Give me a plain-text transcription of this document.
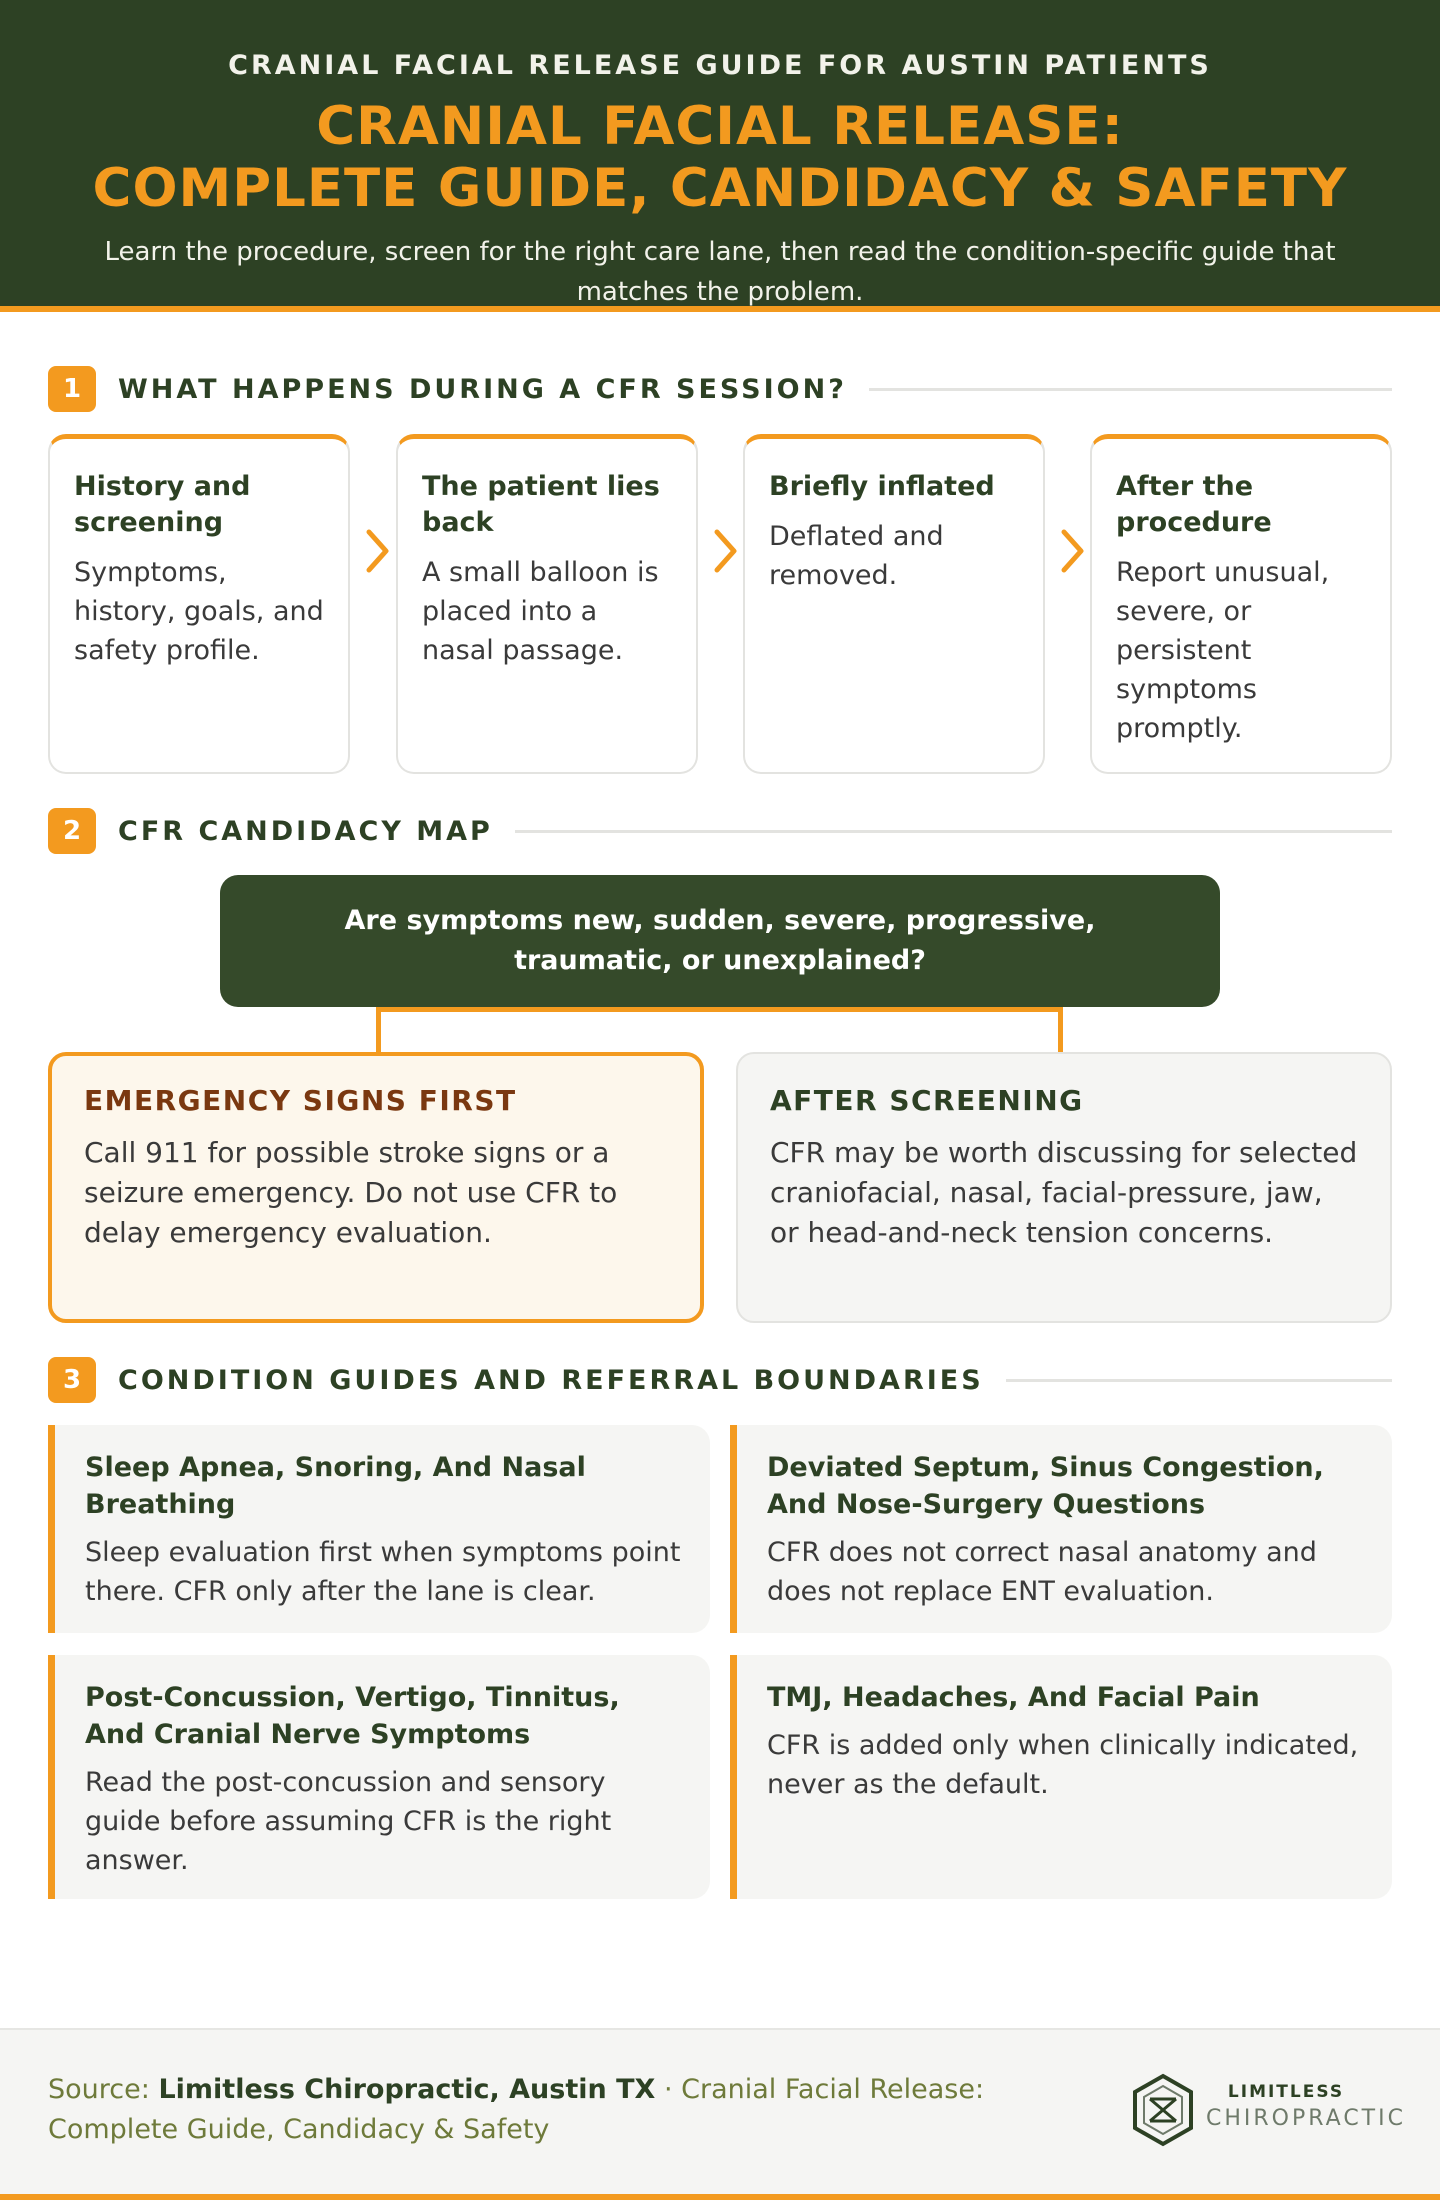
CRANIAL FACIAL RELEASE GUIDE FOR AUSTIN PATIENTS
CRANIAL FACIAL RELEASE:
COMPLETE GUIDE, CANDIDACY & SAFETY
Learn the procedure, screen for the right care lane, then read the condition-specific guide that matches the problem.
1	WHAT HAPPENS DURING A CFR SESSION?
History and screening

Symptoms, history, goals, and safety profile.

The patient lies back

A small balloon is placed into a nasal passage.

Briefly inflated

Deflated and removed.

After the procedure

Report unusual, severe, or persistent symptoms promptly.

2	CFR CANDIDACY MAP
Are symptoms new, sudden, severe, progressive, traumatic, or unexplained?
EMERGENCY SIGNS FIRST

Call 911 for possible stroke signs or a seizure emergency. Do not use CFR to delay emergency evaluation.

AFTER SCREENING

CFR may be worth discussing for selected craniofacial, nasal, facial-pressure, jaw, or head-and-neck tension concerns.

3	CONDITION GUIDES AND REFERRAL BOUNDARIES
Sleep Apnea, Snoring, And Nasal Breathing

Sleep evaluation first when symptoms point there. CFR only after the lane is clear.

Deviated Septum, Sinus Congestion, And Nose-Surgery Questions

CFR does not correct nasal anatomy and does not replace ENT evaluation.

Post-Concussion, Vertigo, Tinnitus, And Cranial Nerve Symptoms

Read the post-concussion and sensory guide before assuming CFR is the right answer.

TMJ, Headaches, And Facial Pain

CFR is added only when clinically indicated, never as the default.

Source: Limitless Chiropractic, Austin TX · Cranial Facial Release: Complete Guide, Candidacy & Safety
LIMITLESS
CHIROPRACTIC
